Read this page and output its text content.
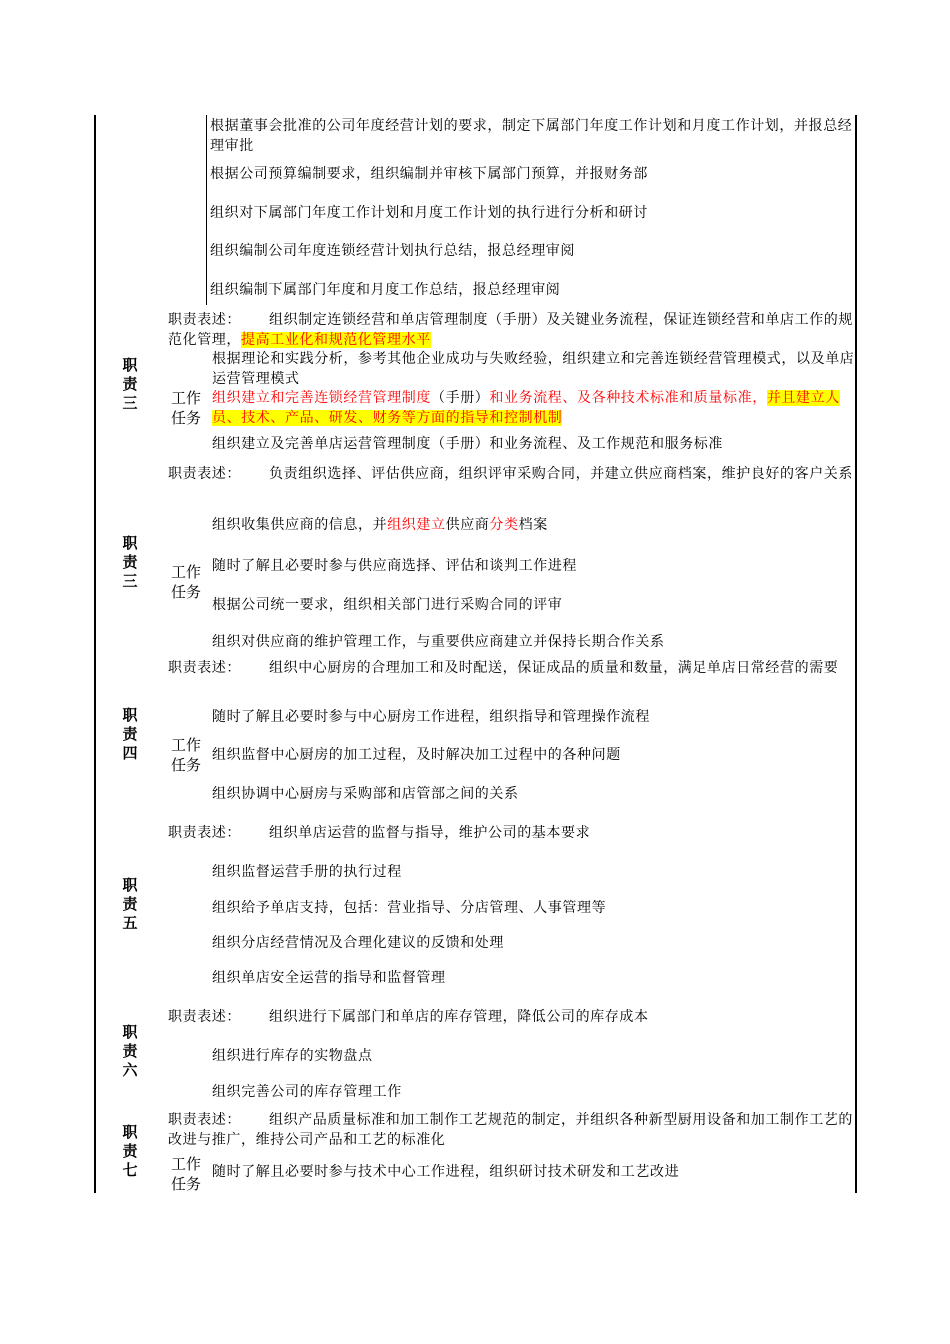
根据董事会批准的公司年度经营计划的要求，制定下属部门年度工作计划和月度工作计划，并报总经理审批
根据公司预算编制要求，组织编制并审核下属部门预算，并报财务部
组织对下属部门年度工作计划和月度工作计划的执行进行分析和研讨
组织编制公司年度连锁经营计划执行总结，报总经理审阅
组织编制下属部门年度和月度工作总结，报总经理审阅
职
责
三
职责表述： 组织制定连锁经营和单店管理制度（手册）及关键业务流程，保证连锁经营和单店工作的规范化管理，提高工业化和规范化管理水平
工作
任务
根据理论和实践分析，参考其他企业成功与失败经验，组织建立和完善连锁经营管理模式，以及单店运营管理模式
组织建立和完善连锁经营管理制度（手册）和业务流程、及各种技术标准和质量标准，并且建立人员、技术、产品、研发、财务等方面的指导和控制机制
组织建立及完善单店运营管理制度（手册）和业务流程、及工作规范和服务标准
职
责
三
职责表述： 负责组织选择、评估供应商，组织评审采购合同，并建立供应商档案，维护良好的客户关系
组织收集供应商的信息，并组织建立供应商分类档案
工作
任务
随时了解且必要时参与供应商选择、评估和谈判工作进程
根据公司统一要求，组织相关部门进行采购合同的评审
组织对供应商的维护管理工作，与重要供应商建立并保持长期合作关系
职
责
四
职责表述： 组织中心厨房的合理加工和及时配送，保证成品的质量和数量，满足单店日常经营的需要
工作
任务
随时了解且必要时参与中心厨房工作进程，组织指导和管理操作流程
组织监督中心厨房的加工过程，及时解决加工过程中的各种问题
组织协调中心厨房与采购部和店管部之间的关系
职
责
五
职责表述： 组织单店运营的监督与指导，维护公司的基本要求
组织监督运营手册的执行过程
组织给予单店支持，包括：营业指导、分店管理、人事管理等
组织分店经营情况及合理化建议的反馈和处理
组织单店安全运营的指导和监督管理
职
责
六
职责表述： 组织进行下属部门和单店的库存管理，降低公司的库存成本
组织进行库存的实物盘点
组织完善公司的库存管理工作
职
责
七
职责表述： 组织产品质量标准和加工制作工艺规范的制定，并组织各种新型厨用设备和加工制作工艺的改进与推广，维持公司产品和工艺的标准化
工作
任务
随时了解且必要时参与技术中心工作进程，组织研讨技术研发和工艺改进
